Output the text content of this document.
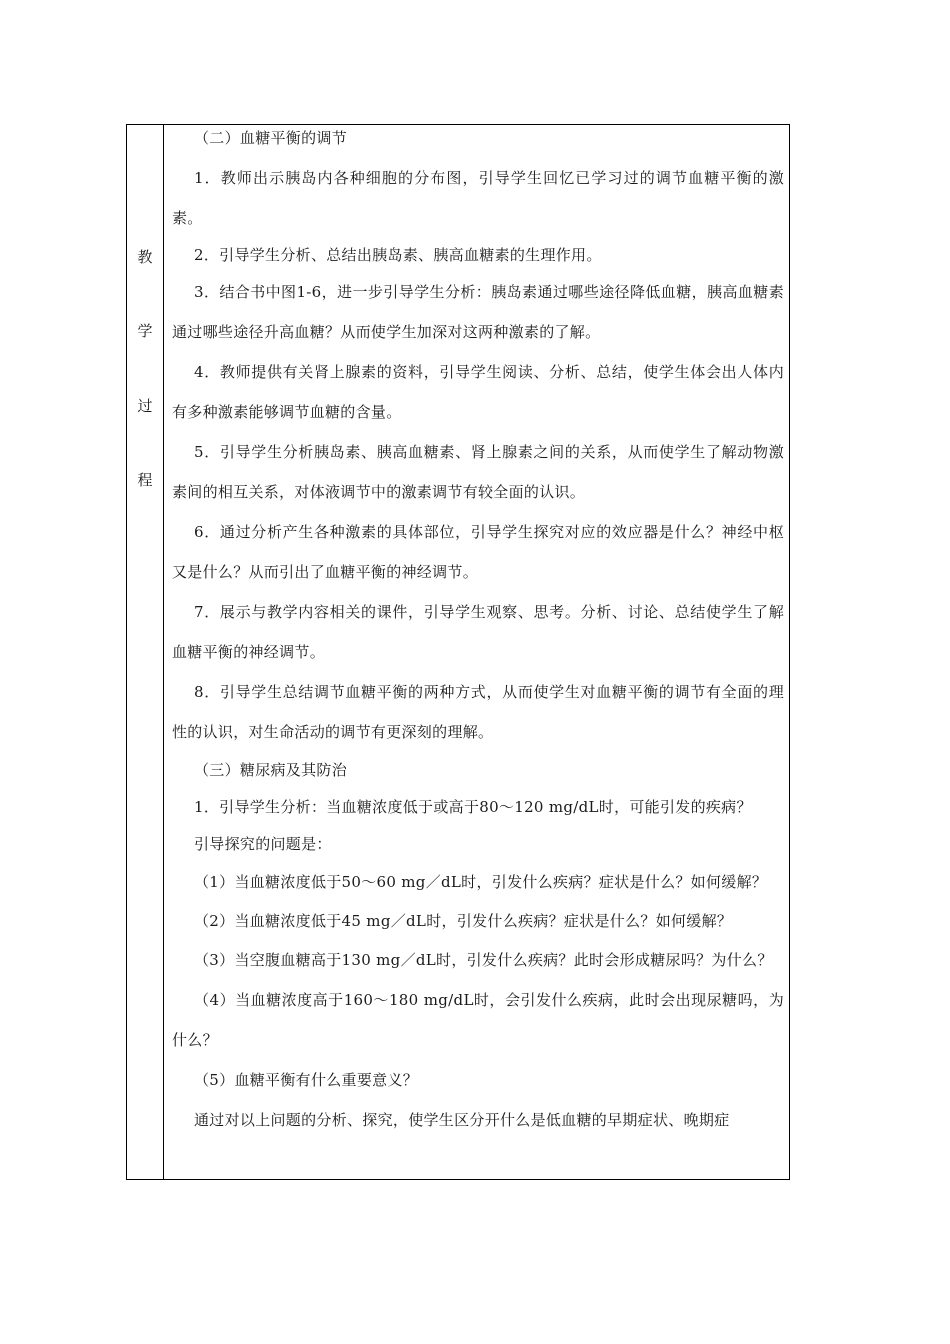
教
学
过
程

（二）血糖平衡的调节

1．教师出示胰岛内各种细胞的分布图，引导学生回忆已学习过的调节血糖平衡的激素。

2．引导学生分析、总结出胰岛素、胰高血糖素的生理作用。

3．结合书中图1-6，进一步引导学生分析：胰岛素通过哪些途径降低血糖，胰高血糖素通过哪些途径升高血糖？从而使学生加深对这两种激素的了解。

4．教师提供有关肾上腺素的资料，引导学生阅读、分析、总结，使学生体会出人体内有多种激素能够调节血糖的含量。

5．引导学生分析胰岛素、胰高血糖素、肾上腺素之间的关系，从而使学生了解动物激素间的相互关系，对体液调节中的激素调节有较全面的认识。

6．通过分析产生各种激素的具体部位，引导学生探究对应的效应器是什么？神经中枢又是什么？从而引出了血糖平衡的神经调节。

7．展示与教学内容相关的课件，引导学生观察、思考。分析、讨论、总结使学生了解血糖平衡的神经调节。

8．引导学生总结调节血糖平衡的两种方式，从而使学生对血糖平衡的调节有全面的理性的认识，对生命活动的调节有更深刻的理解。

（三）糖尿病及其防治

1．引导学生分析：当血糖浓度低于或高于80～120 mg/dL时，可能引发的疾病？

引导探究的问题是：

（1）当血糖浓度低于50～60 mg／dL时，引发什么疾病？症状是什么？如何缓解？

（2）当血糖浓度低于45 mg／dL时，引发什么疾病？症状是什么？如何缓解？

（3）当空腹血糖高于130 mg／dL时，引发什么疾病？此时会形成糖尿吗？为什么？

（4）当血糖浓度高于160～180 mg/dL时，会引发什么疾病，此时会出现尿糖吗，为什么？

（5）血糖平衡有什么重要意义？

通过对以上问题的分析、探究，使学生区分开什么是低血糖的早期症状、晚期症
